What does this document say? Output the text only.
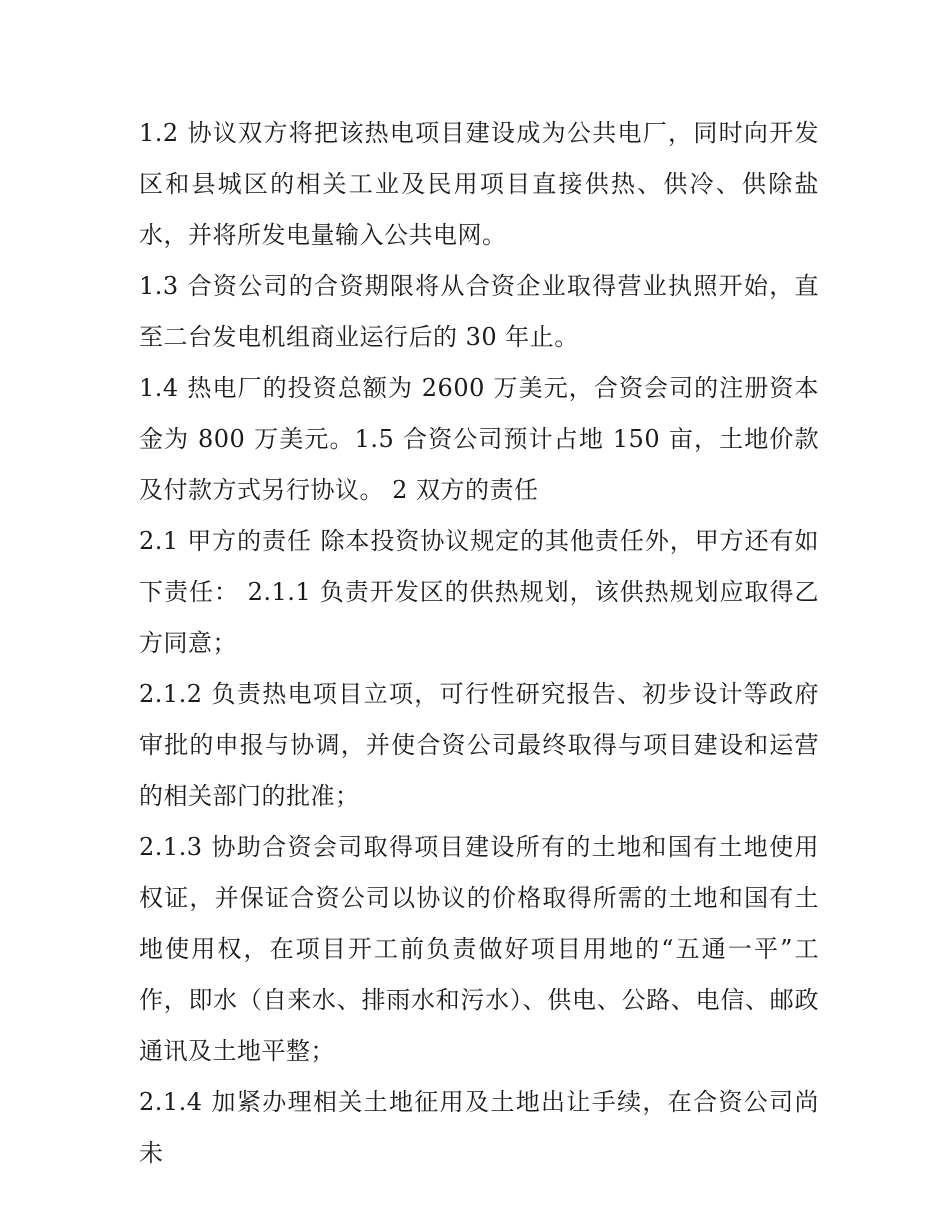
1.2 协议双方将把该热电项目建设成为公共电厂，同时向开发区和县城区的相关工业及民用项目直接供热、供冷、供除盐水，并将所发电量输入公共电网。

1.3 合资公司的合资期限将从合资企业取得营业执照开始，直至二台发电机组商业运行后的 30 年止。

1.4 热电厂的投资总额为 2600 万美元，合资会司的注册资本金为 800 万美元。1.5 合资公司预计占地 150 亩，土地价款及付款方式另行协议。 2 双方的责任

2.1 甲方的责任 除本投资协议规定的其他责任外，甲方还有如下责任： 2.1.1 负责开发区的供热规划，该供热规划应取得乙方同意；

2.1.2 负责热电项目立项，可行性研究报告、初步设计等政府审批的申报与协调，并使合资公司最终取得与项目建设和运营的相关部门的批准；

2.1.3 协助合资会司取得项目建设所有的土地和国有土地使用权证，并保证合资公司以协议的价格取得所需的土地和国有土地使用权，在项目开工前负责做好项目用地的“五通一平”工作，即水（自来水、排雨水和污水）、供电、公路、电信、邮政通讯及土地平整；

2.1.4 加紧办理相关土地征用及土地出让手续，在合资公司尚未
